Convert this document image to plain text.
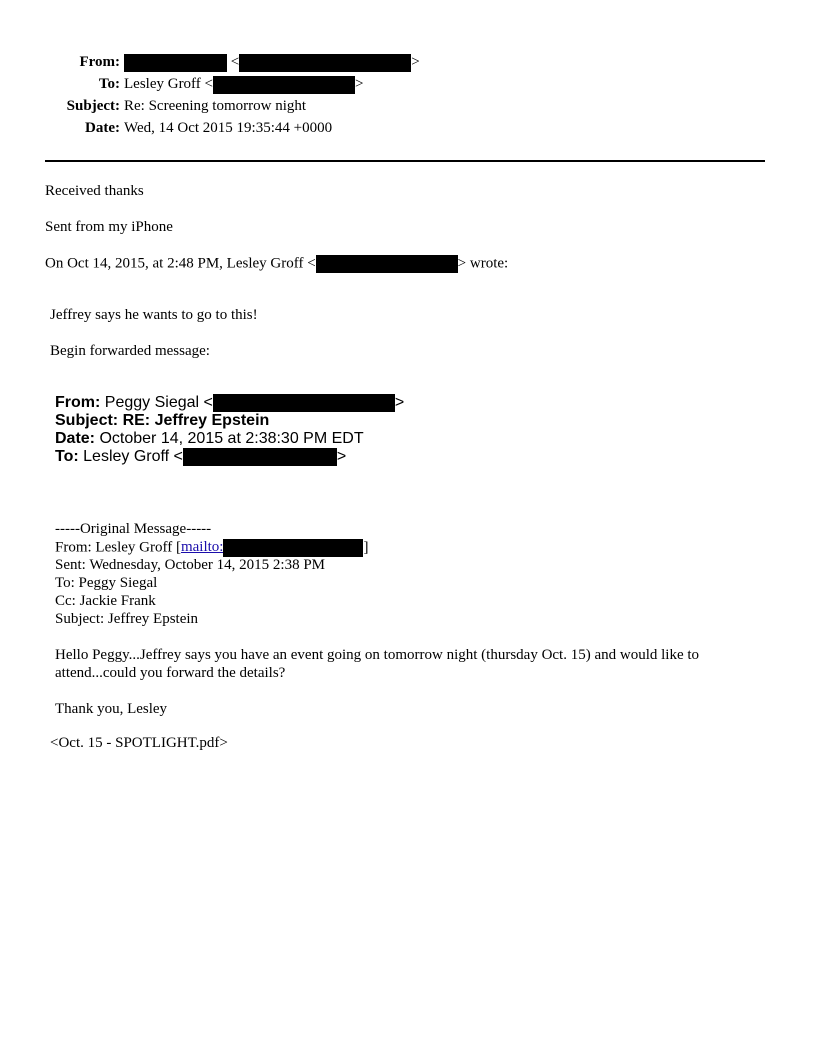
From:	<	>
To: Lesley Groff <	>
Subject: Re: Screening tomorrow night
Date: Wed, 14 Oct 2015 19:35:44 +0000
Received thanks
Sent from my iPhone
On Oct 14, 2015, at 2:48 PM, Lesley Groff <	> wrote:
Jeffrey says he wants to go to this!
Begin forwarded message:
From: Peggy Siegal <	>
Subject: RE: Jeffrey Epstein
Date: October 14, 2015 at 2:38:30 PM EDT
To: Lesley Groff <	>
-----Original Message-----
From: Lesley Groff [mailto:	]
Sent: Wednesday, October 14, 2015 2:38 PM
To: Peggy Siegal
Cc: Jackie Frank
Subject: Jeffrey Epstein
Hello Peggy...Jeffrey says you have an event going on tomorrow night (thursday Oct. 15) and would like to
attend...could you forward the details?
Thank you, Lesley
<Oct. 15 - SPOTLIGHT.pdf>
